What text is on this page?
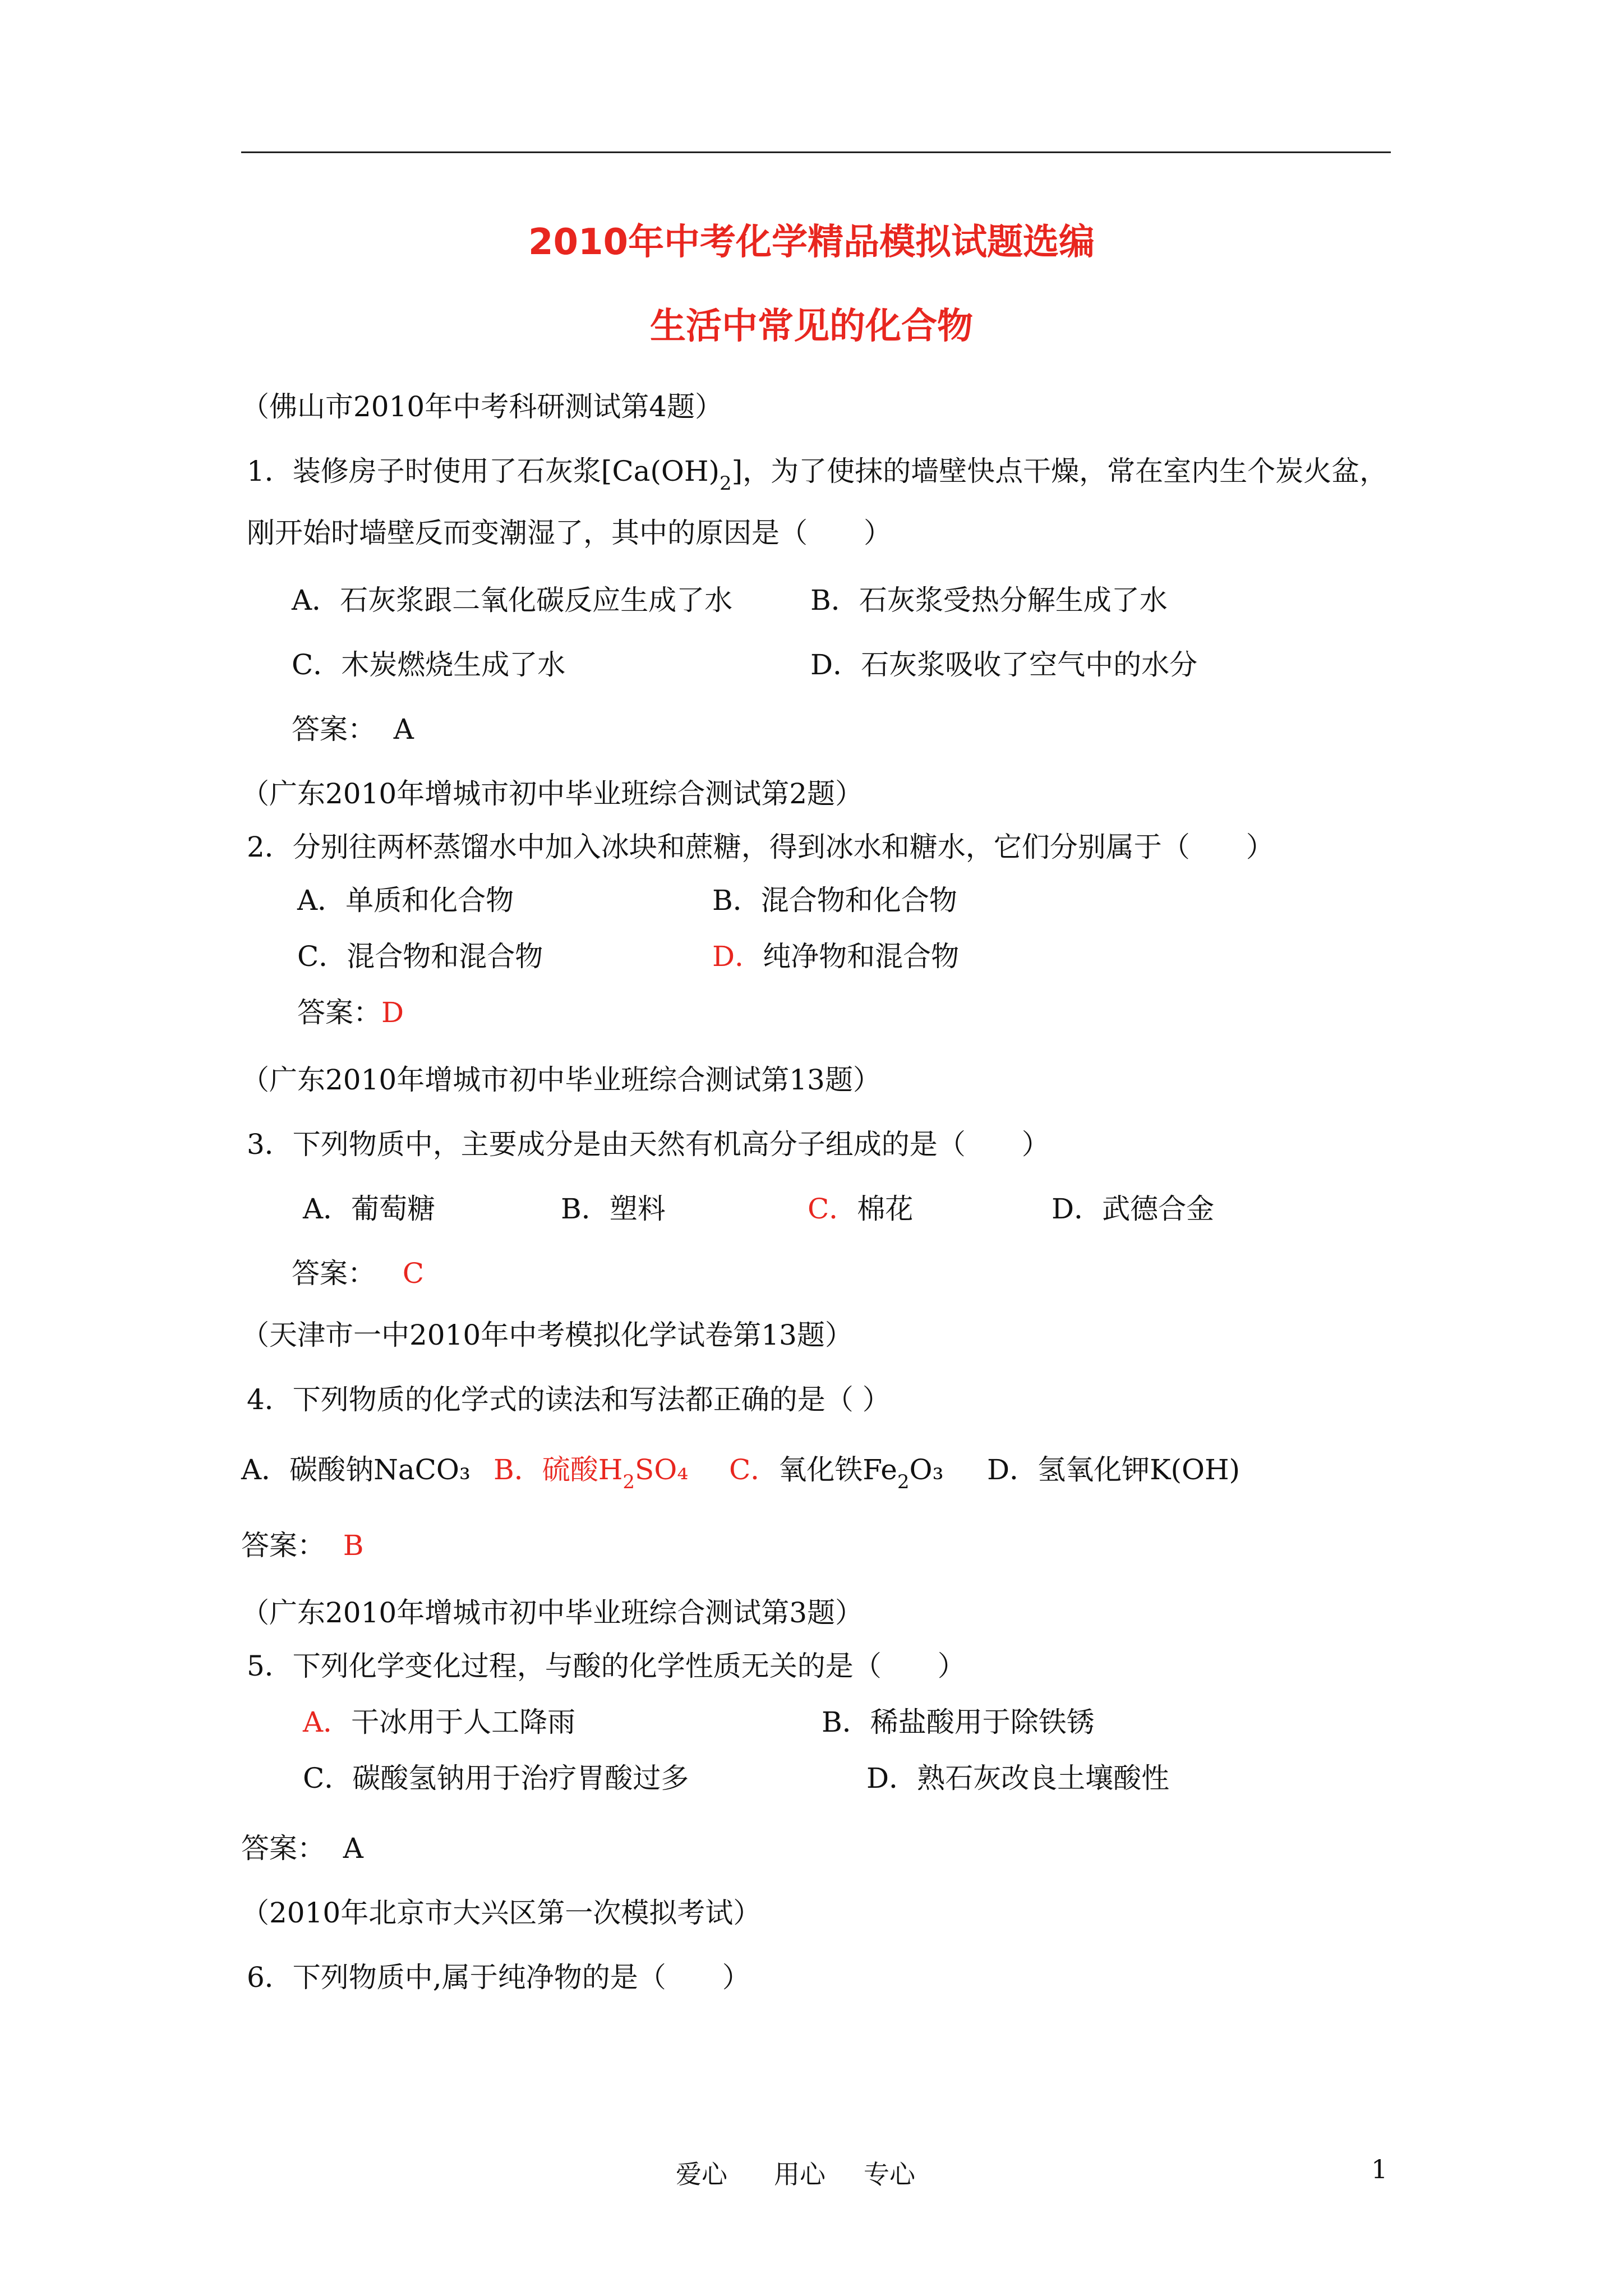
2010年中考化学精品模拟试题选编
生活中常见的化合物
（佛山市2010年中考科研测试第4题）
1．装修房子时使用了石灰浆$[Ca(OH)_2]$，为了使抹的墙壁快点干燥，常在室内生个炭火盆，
刚开始时墙壁反而变潮湿了，其中的原因是（　　）
A．石灰浆跟二氧化碳反应生成了水	B．石灰浆受热分解生成了水
C．木炭燃烧生成了水	D．石灰浆吸收了空气中的水分
答案： A
（广东2010年增城市初中毕业班综合测试第2题）
2．分别往两杯蒸馏水中加入冰块和蔗糖，得到冰水和糖水，它们分别属于（　　）
A．单质和化合物	B．混合物和化合物
C．混合物和混合物	D．纯净物和混合物
答案：D
（广东2010年增城市初中毕业班综合测试第13题）
3．下列物质中，主要成分是由天然有机高分子组成的是（　　）
A．葡萄糖	B．塑料	C．棉花	D．武德合金
答案： C
（天津市一中2010年中考模拟化学试卷第13题）
4．下列物质的化学式的读法和写法都正确的是（ ）
A．碳酸钠NaCO₃ B．硫酸$H_2SO_4$ C．氧化铁$Fe_2O_3$ D．氢氧化钾K(OH)
答案： B
（广东2010年增城市初中毕业班综合测试第3题）
5．下列化学变化过程，与酸的化学性质无关的是（　　）
A．干冰用于人工降雨	B．稀盐酸用于除铁锈
C．碳酸氢钠用于治疗胃酸过多	D．熟石灰改良土壤酸性
答案： A
（2010年北京市大兴区第一次模拟考试）
6．下列物质中,属于纯净物的是（　　）
爱心 用心 专心	1
